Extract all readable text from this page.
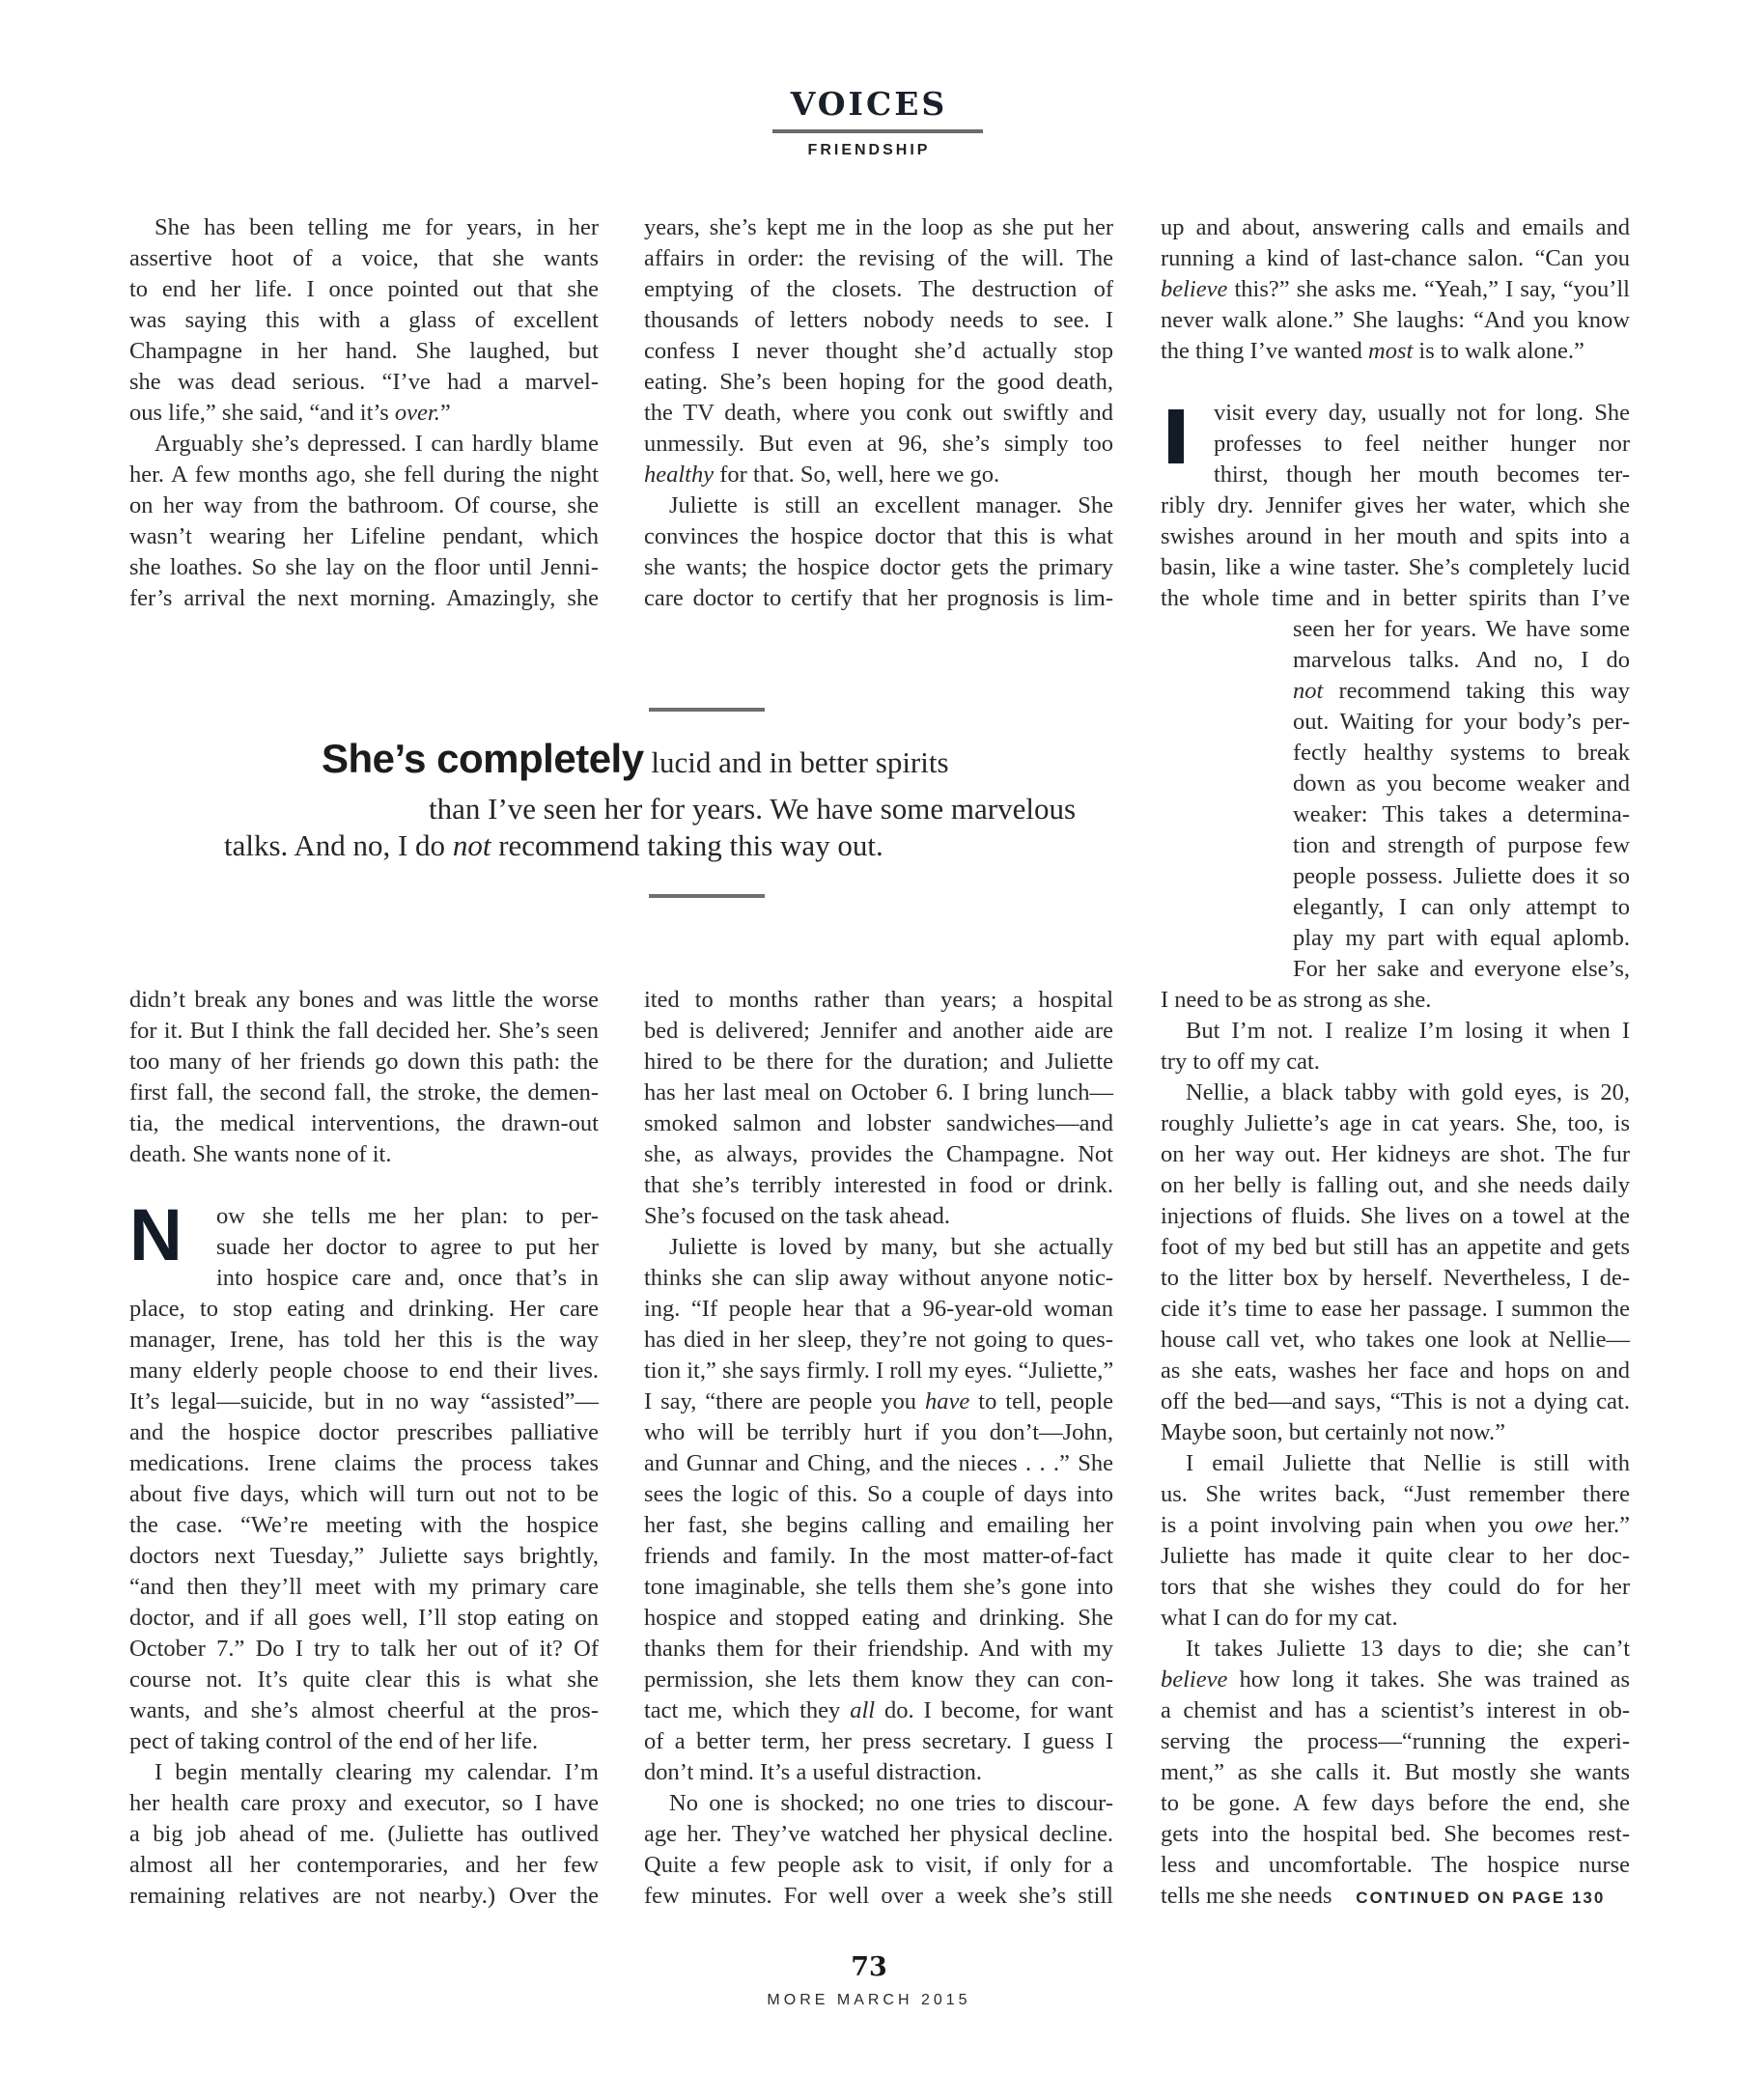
VOICES
FRIENDSHIP
She has been telling me for years, in her
assertive hoot of a voice, that she wants
to end her life. I once pointed out that she
was saying this with a glass of excellent
Champagne in her hand. She laughed, but
she was dead serious. “I’ve had a marvel-
ous life,” she said, “and it’s over.”
Arguably she’s depressed. I can hardly blame
her. A few months ago, she fell during the night
on her way from the bathroom. Of course, she
wasn’t wearing her Lifeline pendant, which
she loathes. So she lay on the floor until Jenni-
fer’s arrival the next morning. Amazingly, she
years, she’s kept me in the loop as she put her
affairs in order: the revising of the will. The
emptying of the closets. The destruction of
thousands of letters nobody needs to see. I
confess I never thought she’d actually stop
eating. She’s been hoping for the good death,
the TV death, where you conk out swiftly and
unmessily. But even at 96, she’s simply too
healthy for that. So, well, here we go.
Juliette is still an excellent manager. She
convinces the hospice doctor that this is what
she wants; the hospice doctor gets the primary
care doctor to certify that her prognosis is lim-
up and about, answering calls and emails and
running a kind of last-chance salon. “Can you
believe this?” she asks me. “Yeah,” I say, “you’ll
never walk alone.” She laughs: “And you know
the thing I’ve wanted most is to walk alone.”
visit every day, usually not for long. She
professes to feel neither hunger nor
thirst, though her mouth becomes ter-
ribly dry. Jennifer gives her water, which she
swishes around in her mouth and spits into a
basin, like a wine taster. She’s completely lucid
the whole time and in better spirits than I’ve
seen her for years. We have some
marvelous talks. And no, I do
not recommend taking this way
out. Waiting for your body’s per-
fectly healthy systems to break
down as you become weaker and
weaker: This takes a determina-
tion and strength of purpose few
people possess. Juliette does it so
elegantly, I can only attempt to
play my part with equal aplomb.
For her sake and everyone else’s,
I need to be as strong as she.
But I’m not. I realize I’m losing it when I
try to off my cat.
Nellie, a black tabby with gold eyes, is 20,
roughly Juliette’s age in cat years. She, too, is
on her way out. Her kidneys are shot. The fur
on her belly is falling out, and she needs daily
injections of fluids. She lives on a towel at the
foot of my bed but still has an appetite and gets
to the litter box by herself. Nevertheless, I de-
cide it’s time to ease her passage. I summon the
house call vet, who takes one look at Nellie—
as she eats, washes her face and hops on and
off the bed—and says, “This is not a dying cat.
Maybe soon, but certainly not now.”
I email Juliette that Nellie is still with
us. She writes back, “Just remember there
is a point involving pain when you owe her.”
Juliette has made it quite clear to her doc-
tors that she wishes they could do for her
what I can do for my cat.
It takes Juliette 13 days to die; she can’t
believe how long it takes. She was trained as
a chemist and has a scientist’s interest in ob-
serving the process—“running the experi-
ment,” as she calls it. But mostly she wants
to be gone. A few days before the end, she
gets into the hospital bed. She becomes rest-
less and uncomfortable. The hospice nurse
tells me she needs CONTINUED ON PAGE 130
didn’t break any bones and was little the worse
for it. But I think the fall decided her. She’s seen
too many of her friends go down this path: the
first fall, the second fall, the stroke, the demen-
tia, the medical interventions, the drawn-out
death. She wants none of it.
N ow she tells me her plan: to per-
suade her doctor to agree to put her
into hospice care and, once that’s in
place, to stop eating and drinking. Her care
manager, Irene, has told her this is the way
many elderly people choose to end their lives.
It’s legal—suicide, but in no way “assisted”—
and the hospice doctor prescribes palliative
medications. Irene claims the process takes
about five days, which will turn out not to be
the case. “We’re meeting with the hospice
doctors next Tuesday,” Juliette says brightly,
“and then they’ll meet with my primary care
doctor, and if all goes well, I’ll stop eating on
October 7.” Do I try to talk her out of it? Of
course not. It’s quite clear this is what she
wants, and she’s almost cheerful at the pros-
pect of taking control of the end of her life.
I begin mentally clearing my calendar. I’m
her health care proxy and executor, so I have
a big job ahead of me. (Juliette has outlived
almost all her contemporaries, and her few
remaining relatives are not nearby.) Over the
ited to months rather than years; a hospital
bed is delivered; Jennifer and another aide are
hired to be there for the duration; and Juliette
has her last meal on October 6. I bring lunch—
smoked salmon and lobster sandwiches—and
she, as always, provides the Champagne. Not
that she’s terribly interested in food or drink.
She’s focused on the task ahead.
Juliette is loved by many, but she actually
thinks she can slip away without anyone notic-
ing. “If people hear that a 96-year-old woman
has died in her sleep, they’re not going to ques-
tion it,” she says firmly. I roll my eyes. “Juliette,”
I say, “there are people you have to tell, people
who will be terribly hurt if you don’t—John,
and Gunnar and Ching, and the nieces . . .” She
sees the logic of this. So a couple of days into
her fast, she begins calling and emailing her
friends and family. In the most matter-of-fact
tone imaginable, she tells them she’s gone into
hospice and stopped eating and drinking. She
thanks them for their friendship. And with my
permission, she lets them know they can con-
tact me, which they all do. I become, for want
of a better term, her press secretary. I guess I
don’t mind. It’s a useful distraction.
No one is shocked; no one tries to discour-
age her. They’ve watched her physical decline.
Quite a few people ask to visit, if only for a
few minutes. For well over a week she’s still
She’s completely lucid and in better spirits
than I’ve seen her for years. We have some marvelous
talks. And no, I do not recommend taking this way out.
73
MORE MARCH 2015
